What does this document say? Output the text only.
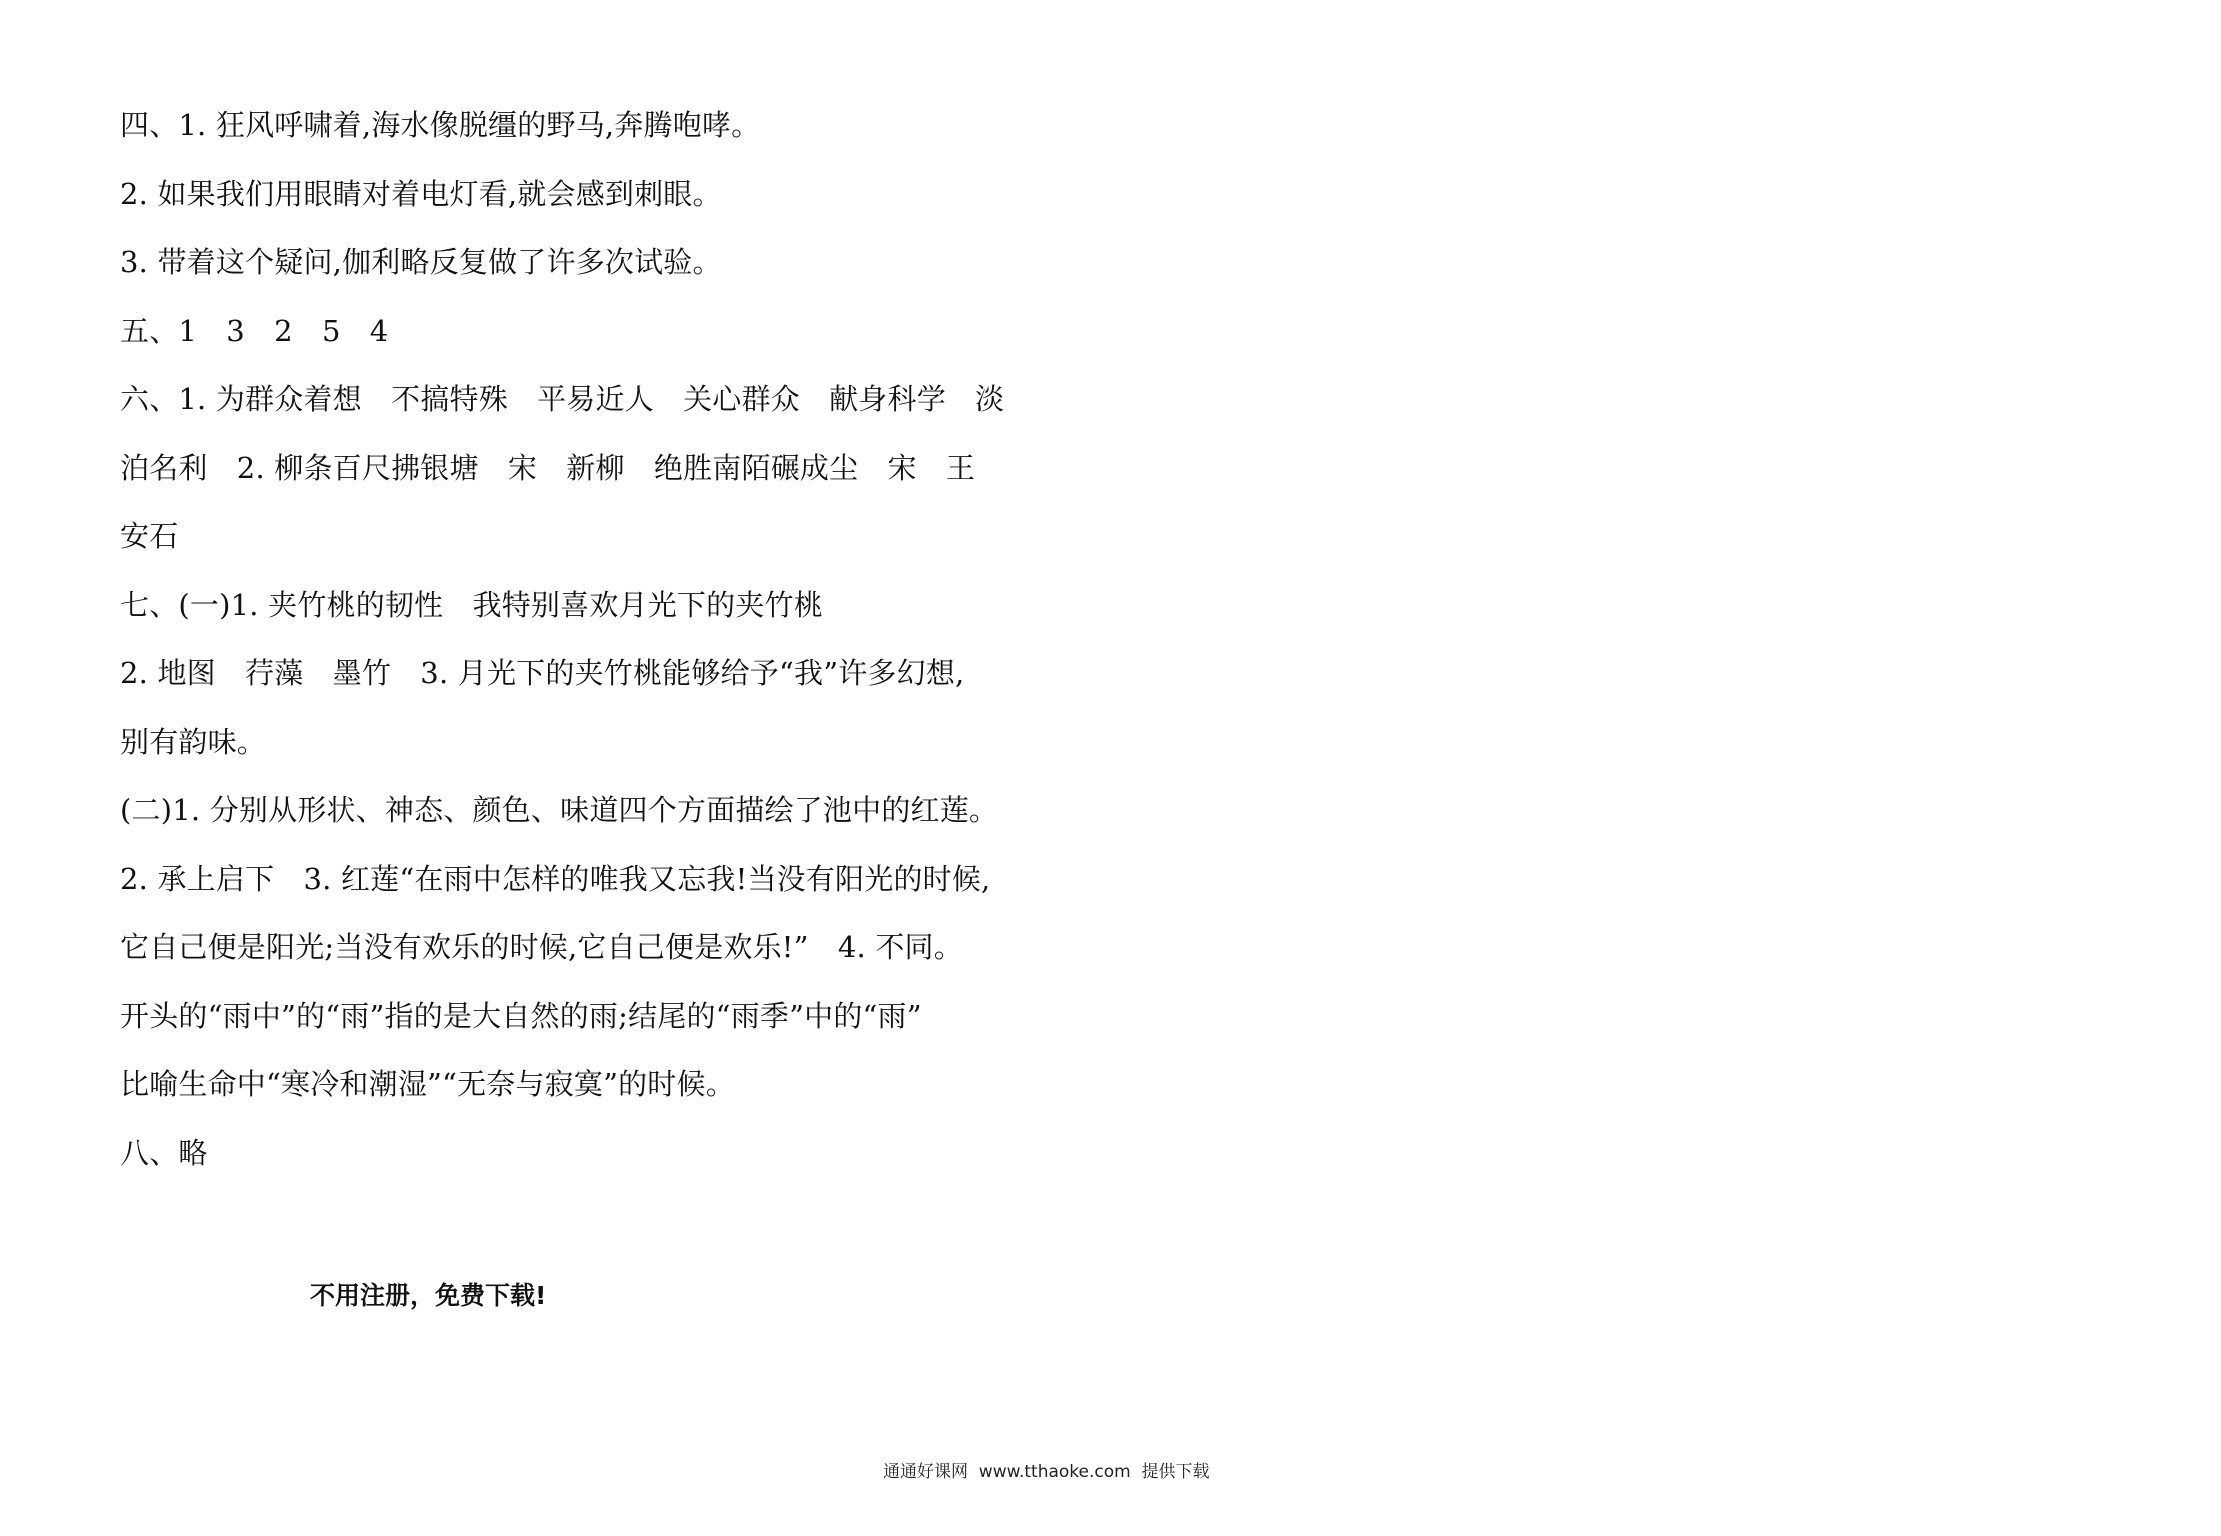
四、1. 狂风呼啸着,海水像脱缰的野马,奔腾咆哮。
2. 如果我们用眼睛对着电灯看,就会感到刺眼。
3. 带着这个疑问,伽利略反复做了许多次试验。
五、1　3　2　5　4
六、1. 为群众着想　不搞特殊　平易近人　关心群众　献身科学　淡
泊名利　2. 柳条百尺拂银塘　宋　新柳　绝胜南陌碾成尘　宋　王
安石
七、(一)1. 夹竹桃的韧性　我特别喜欢月光下的夹竹桃
2. 地图　荇藻　墨竹　3. 月光下的夹竹桃能够给予“我”许多幻想,
别有韵味。
(二)1. 分别从形状、神态、颜色、味道四个方面描绘了池中的红莲。
2. 承上启下　3. 红莲“在雨中怎样的唯我又忘我!当没有阳光的时候,
它自己便是阳光;当没有欢乐的时候,它自己便是欢乐!”　4. 不同。
开头的“雨中”的“雨”指的是大自然的雨;结尾的“雨季”中的“雨”
比喻生命中“寒冷和潮湿”“无奈与寂寞”的时候。
八、略
不用注册，免费下载!
通通好课网  www.tthaoke.com  提供下载
